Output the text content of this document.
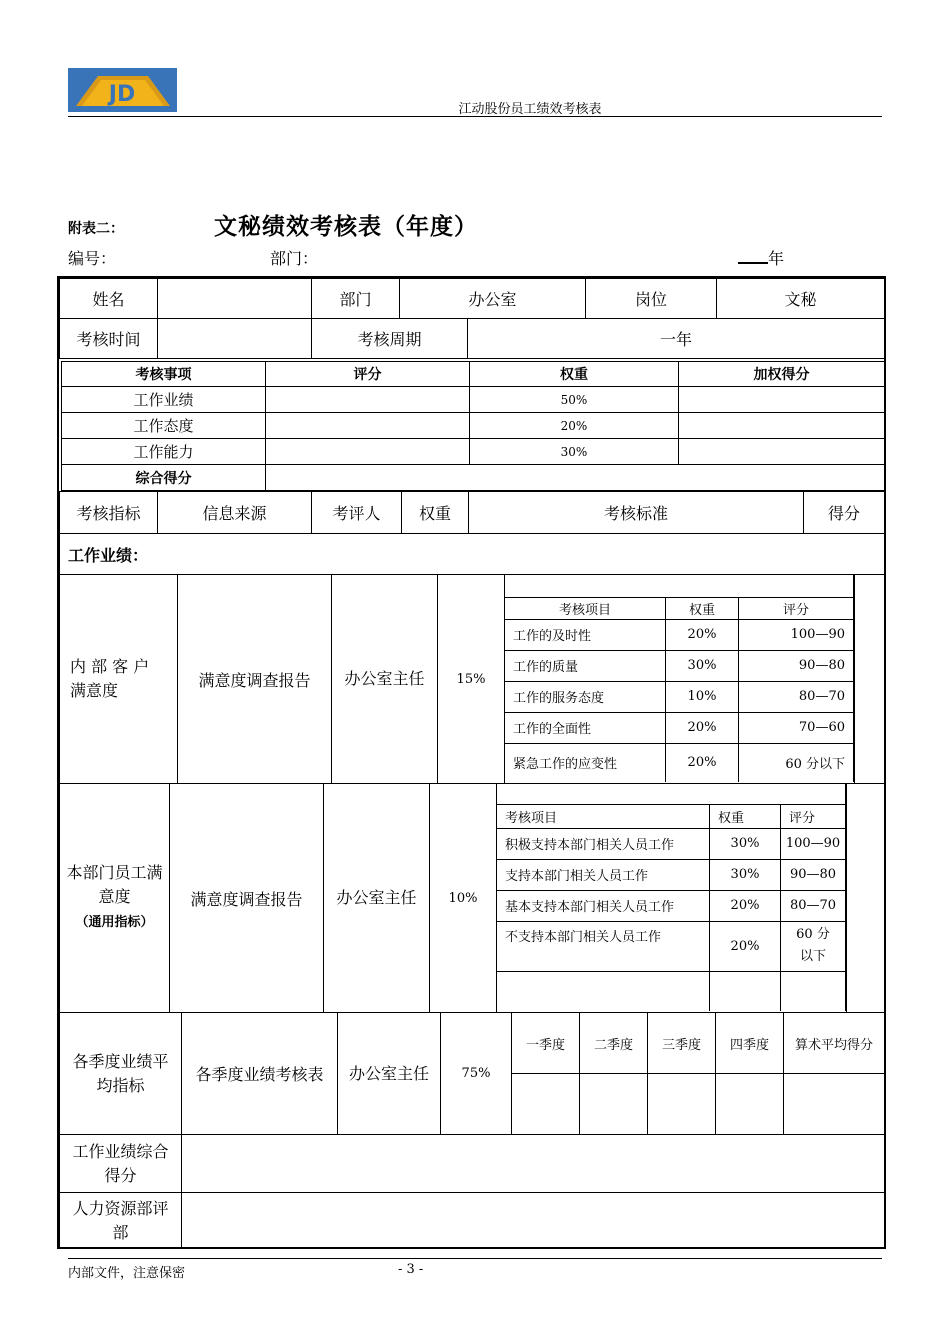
JD
江动股份员工绩效考核表
附表二：	文秘绩效考核表（年度）
编号：	部门：	年
姓名		部门	办公室	岗位	文秘
考核时间		考核周期	一年
考核事项	评分	权重	加权得分
工作业绩		50%	
工作态度		20%	
工作能力		30%	
综合得分			
考核指标	信息来源	考评人	权重	考核标准	得分
工作业绩：
内 部 客 户 满意度	满意度调查报告	办公室主任	15%	

考核项目	权重	评分
工作的及时性	20%	100—90
工作的质量	30%	90—80
工作的服务态度	10%	80—70
工作的全面性	20%	70—60
紧急工作的应变性	20%	60 分以下

本部门员工满意度
（通用指标）	满意度调查报告	办公室主任	10%	

考核项目	权重	评分
积极支持本部门相关人员工作	30%	100—90
支持本部门相关人员工作	30%	90—80
基本支持本部门相关人员工作	20%	80—70
不支持本部门相关人员工作	20%	60 分以下

各季度业绩平均指标	各季度业绩考核表	办公室主任	75%	一季度	二季度	三季度	四季度	算术平均得分

工作业绩综合得分	
人力资源部评部	
内部文件，注意保密	- 3 -
